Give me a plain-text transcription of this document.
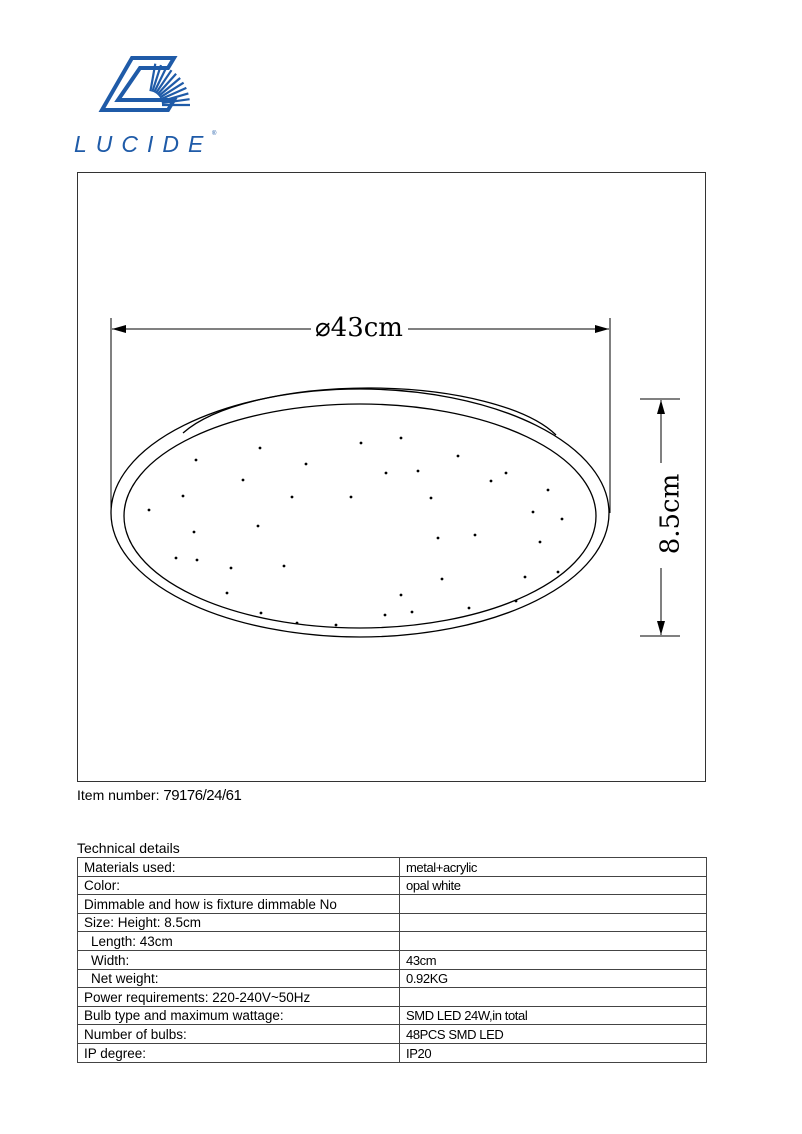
LUCIDE ®
⌀43cm
8.5cm
Item number: 79176/24/61
Technical details
Materials used:	metal+acrylic
Color:	opal white
Dimmable and how is fixture dimmable No	
Size: Height: 8.5cm	
Length: 43cm	
Width:	43cm
Net weight:	0.92KG
Power requirements: 220-240V~50Hz	
Bulb type and maximum wattage:	SMD LED 24W,in total
Number of bulbs:	48PCS SMD LED
IP degree:	IP20
